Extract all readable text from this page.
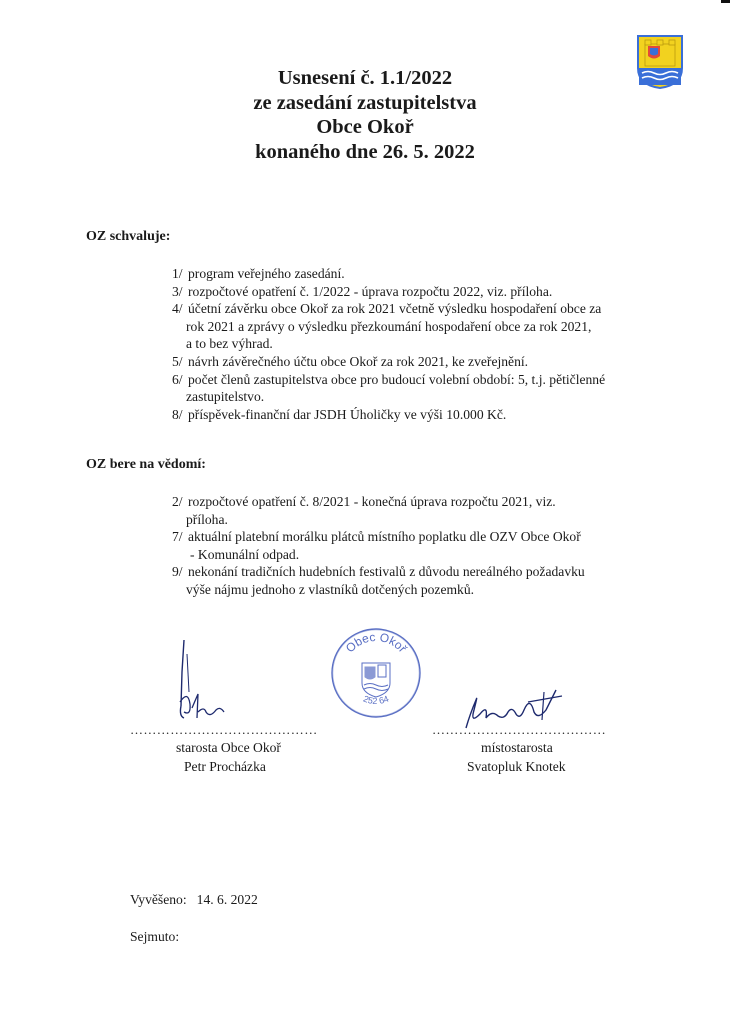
Usnesení č. 1.1/2022
ze zasedání zastupitelstva
Obce Okoř
konaného dne 26. 5. 2022
OZ schvaluje:
1/ program veřejného zasedání.
3/ rozpočtové opatření č. 1/2022 - úprava rozpočtu 2022, viz. příloha.
4/ účetní závěrku obce Okoř za rok 2021 včetně výsledku hospodaření obce za
rok 2021 a zprávy o výsledku přezkoumání hospodaření obce za rok 2021,
a to bez výhrad.
5/ návrh závěrečného účtu obce Okoř za rok 2021, ke zveřejnění.
6/ počet členů zastupitelstva obce pro budoucí volební období: 5, t.j. pětičlenné
zastupitelstvo.
8/ příspěvek-finanční dar JSDH Úholičky ve výši 10.000 Kč.
OZ bere na vědomí:
2/ rozpočtové opatření č. 8/2021 - konečná úprava rozpočtu 2021, viz.
příloha.
7/ aktuální platební morálku plátců místního poplatku dle OZV Obce Okoř
- Komunální odpad.
9/ nekonání tradičních hudebních festivalů z důvodu nereálného požadavku
výše nájmu jednoho z vlastníků dotčených pozemků.
Obec Okoř
252 64
……………………………………	…………………………………
starosta Obce Okoř
Petr Procházka
místostarosta
Svatopluk Knotek
Vyvěšeno: 14. 6. 2022
Sejmuto:
